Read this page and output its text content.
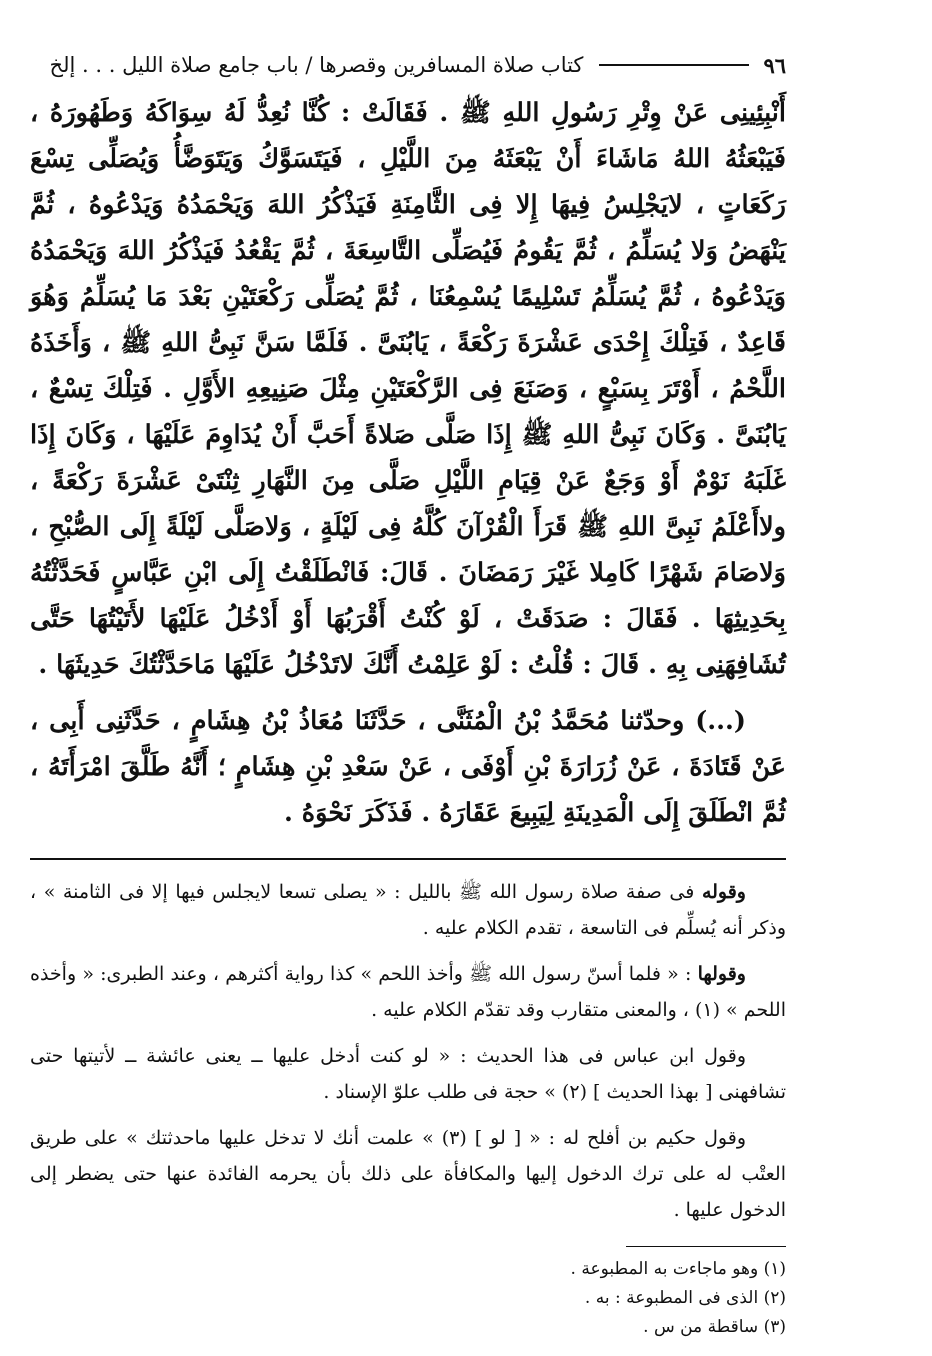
٩٦
كتاب صلاة المسافرين وقصرها / باب جامع صلاة الليل . . . إلخ

أَنْبِئِينِى عَنْ وِتْرِ رَسُولِ اللهِ ﷺ . فَقَالَتْ : كُنَّا نُعِدُّ لَهُ سِوَاكَهُ وَطَهُورَهُ ، فَيَبْعَثُهُ اللهُ مَاشَاءَ أَنْ يَبْعَثَهُ مِنَ اللَّيْلِ ، فَيَتَسَوَّكُ وَيَتَوَضَّأُ وَيُصَلِّى تِسْعَ رَكَعَاتٍ ، لايَجْلِسُ فِيهَا إِلا فِى الثَّامِنَةِ فَيَذْكُرُ اللهَ وَيَحْمَدُهُ وَيَدْعُوهُ ، ثُمَّ يَنْهَضُ وَلا يُسَلِّمُ ، ثُمَّ يَقُومُ فَيُصَلِّى التَّاسِعَةَ ، ثُمَّ يَقْعُدُ فَيَذْكُرُ اللهَ وَيَحْمَدُهُ وَيَدْعُوهُ ، ثُمَّ يُسَلِّمُ تَسْلِيمًا يُسْمِعُنَا ، ثُمَّ يُصَلِّى رَكْعَتَيْنِ بَعْدَ مَا يُسَلِّمُ وَهُوَ قَاعِدٌ ، فَتِلْكَ إِحْدَى عَشْرَةَ رَكْعَةً ، يَابُنَىَّ . فَلَمَّا سَنَّ نَبِىُّ اللهِ ﷺ ، وَأَخَذَهُ اللَّحْمُ ، أَوْتَرَ بِسَبْعٍ ، وَصَنَعَ فِى الرَّكْعَتَيْنِ مِثْلَ صَنِيعِهِ الأَوَّلِ . فَتِلْكَ تِسْعٌ ، يَابُنَىَّ . وَكَانَ نَبِىُّ اللهِ ﷺ إِذَا صَلَّى صَلاةً أَحَبَّ أَنْ يُدَاوِمَ عَلَيْهَا ، وَكَانَ إِذَا غَلَبَهُ نَوْمٌ أَوْ وَجَعٌ عَنْ قِيَامِ اللَّيْلِ صَلَّى مِنَ النَّهَارِ ثِنْتَىْ عَشْرَةَ رَكْعَةً ، ولاأَعْلَمُ نَبِىَّ اللهِ ﷺ قَرَأَ الْقُرْآنَ كُلَّهُ فِى لَيْلَةٍ ، وَلاصَلَّى لَيْلَةً إِلَى الصُّبْحِ ، وَلاصَامَ شَهْرًا كَامِلا غَيْرَ رَمَضَانَ . قَالَ: فَانْطَلَقْتُ إِلَى ابْنِ عَبَّاسٍ فَحَدَّثْتُهُ بِحَدِيثِهَا . فَقَالَ : صَدَقَتْ ، لَوْ كُنْتُ أَقْرَبُهَا أَوْ أَدْخُلُ عَلَيْهَا لأَتَيْتُهَا حَتَّى تُشَافِهَنِى بِهِ . قَالَ : قُلْتُ : لَوْ عَلِمْتُ أَنَّكَ لاتَدْخُلُ عَلَيْهَا مَاحَدَّثْتُكَ حَدِيثَهَا .

(...) وحدّثنا مُحَمَّدُ بْنُ الْمُثَنَّى ، حَدَّثَنَا مُعَاذُ بْنُ هِشَامٍ ، حَدَّثَنِى أَبِى ، عَنْ قَتَادَةَ ، عَنْ زُرَارَةَ بْنِ أَوْفَى ، عَنْ سَعْدِ بْنِ هِشَامٍ ؛ أَنَّهُ طَلَّقَ امْرَأَتَهُ ، ثُمَّ انْطَلَقَ إِلَى الْمَدِينَةِ لِيَبِيعَ عَقَارَهُ . فَذَكَرَ نَحْوَهُ .

وقوله فى صفة صلاة رسول الله ﷺ بالليل : « يصلى تسعا لايجلس فيها إلا فى الثامنة » ، وذكر أنه يُسلِّم فى التاسعة ، تقدم الكلام عليه .

وقولها : « فلما أسنّ رسول الله ﷺ وأخذ اللحم » كذا رواية أكثرهم ، وعند الطبرى: « وأخذه اللحم » (١) ، والمعنى متقارب وقد تقدّم الكلام عليه .

وقول ابن عباس فى هذا الحديث : « لو كنت أدخل عليها ــ يعنى عائشة ــ لأتيتها حتى تشافهنى [ بهذا الحديث ] (٢) » حجة فى طلب علوّ الإسناد .

وقول حكيم بن أفلح له : « [ لو ] (٣) » علمت أنك لا تدخل عليها ماحدثتك » على طريق العتْب له على ترك الدخول إليها والمكافأة على ذلك بأن يحرمه الفائدة عنها حتى يضطر إلى الدخول عليها .

(١) وهو ماجاءت به المطبوعة .
(٢) الذى فى المطبوعة : به .
(٣) ساقطة من س .
